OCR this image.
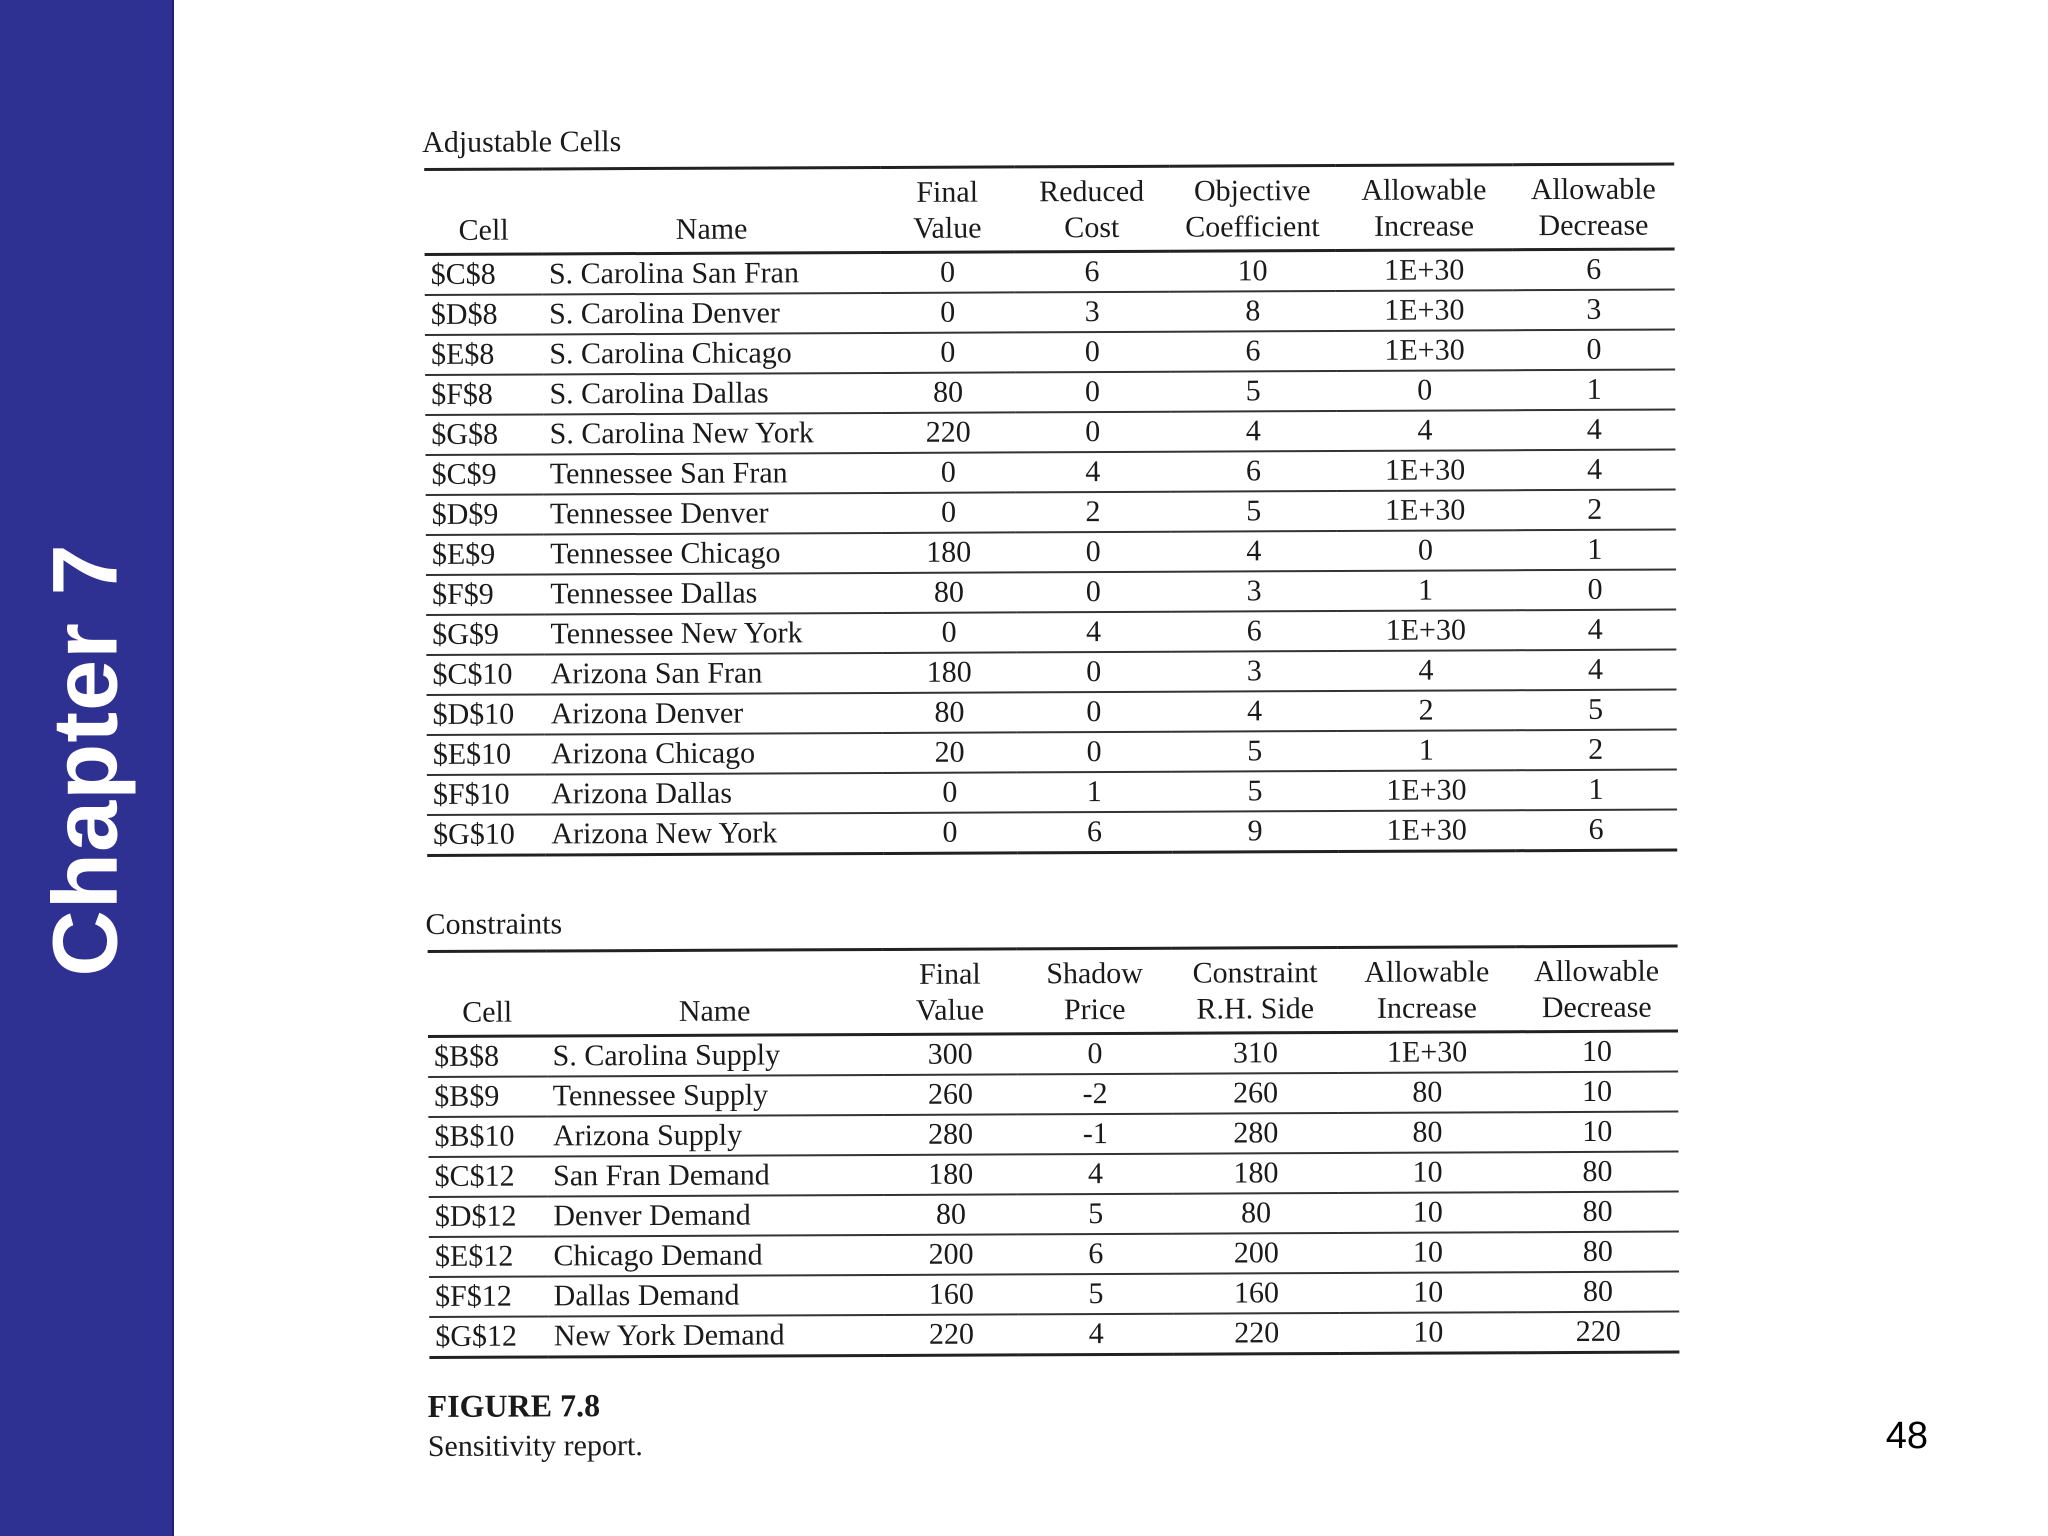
Chapter 7
Adjustable Cells
Cell	Name	Final Value	Reduced Cost	Objective Coefficient	Allowable Increase	Allowable Decrease
$C$8	S. Carolina San Fran	0	6	10	1E+30	6
$D$8	S. Carolina Denver	0	3	8	1E+30	3
$E$8	S. Carolina Chicago	0	0	6	1E+30	0
$F$8	S. Carolina Dallas	80	0	5	0	1
$G$8	S. Carolina New York	220	0	4	4	4
$C$9	Tennessee San Fran	0	4	6	1E+30	4
$D$9	Tennessee Denver	0	2	5	1E+30	2
$E$9	Tennessee Chicago	180	0	4	0	1
$F$9	Tennessee Dallas	80	0	3	1	0
$G$9	Tennessee New York	0	4	6	1E+30	4
$C$10	Arizona San Fran	180	0	3	4	4
$D$10	Arizona Denver	80	0	4	2	5
$E$10	Arizona Chicago	20	0	5	1	2
$F$10	Arizona Dallas	0	1	5	1E+30	1
$G$10	Arizona New York	0	6	9	1E+30	6
Constraints
Cell	Name	Final Value	Shadow Price	Constraint R.H. Side	Allowable Increase	Allowable Decrease
$B$8	S. Carolina Supply	300	0	310	1E+30	10
$B$9	Tennessee Supply	260	-2	260	80	10
$B$10	Arizona Supply	280	-1	280	80	10
$C$12	San Fran Demand	180	4	180	10	80
$D$12	Denver Demand	80	5	80	10	80
$E$12	Chicago Demand	200	6	200	10	80
$F$12	Dallas Demand	160	5	160	10	80
$G$12	New York Demand	220	4	220	10	220
FIGURE 7.8
Sensitivity report.	48
